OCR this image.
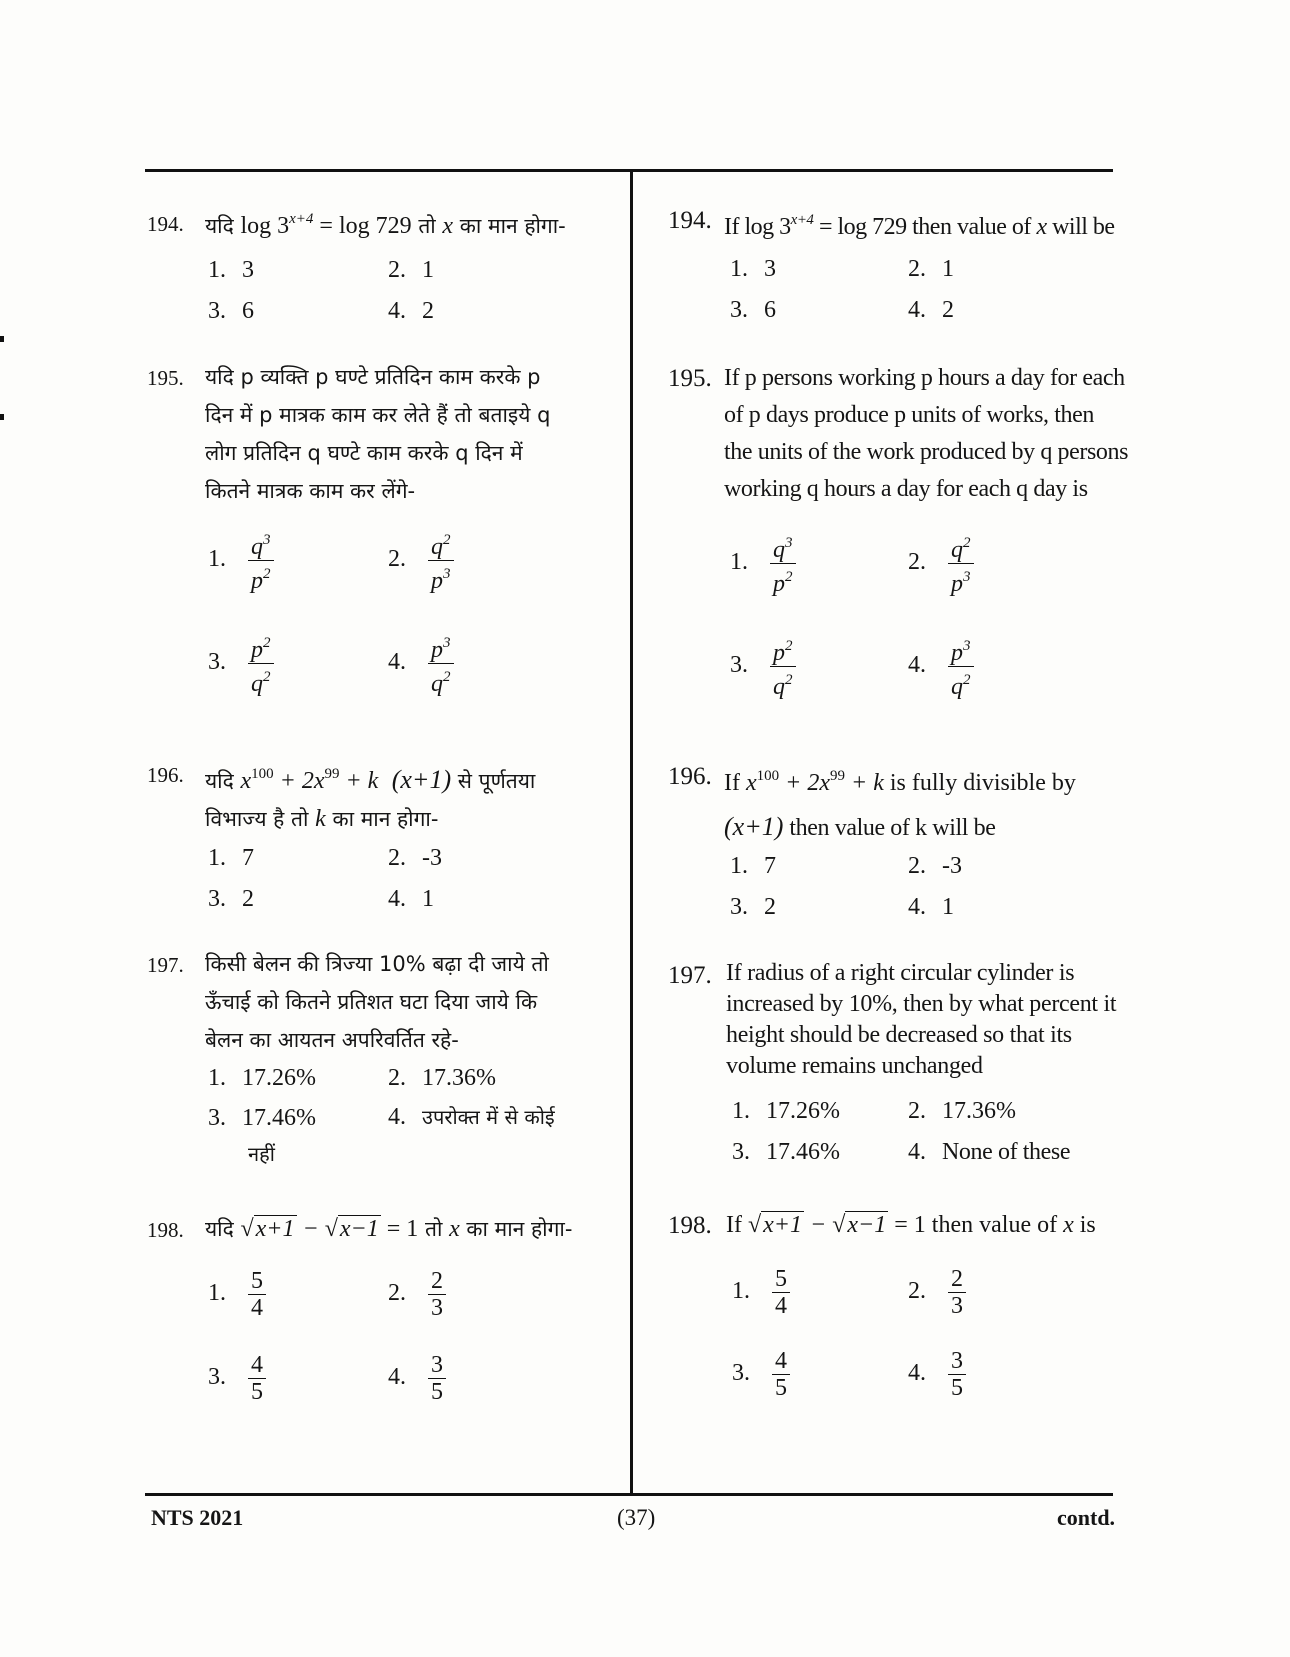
194. यदि $\log 3^{x+4} = \log 729$ तो x का मान होगा-
1. 3	2. 1
3. 6	4. 2
195. यदि p व्यक्ति p घण्टे प्रतिदिन काम करके p
दिन में p मात्रक काम कर लेते हैं तो बताइये q
लोग प्रतिदिन q घण्टे काम करके q दिन में
कितने मात्रक काम कर लेंगे-
1. $\frac{q^3}{p^2}$	2. $\frac{q^2}{p^3}$
3. $\frac{p^2}{q^2}$	4. $\frac{p^3}{q^2}$
196. यदि $x^{100} + 2x^{99} + k$ (x+1) से पूर्णतया
विभाज्य है तो k का मान होगा-
1. 7	2. -3
3. 2	4. 1
197. किसी बेलन की त्रिज्या 10% बढ़ा दी जाये तो
ऊँचाई को कितने प्रतिशत घटा दिया जाये कि
बेलन का आयतन अपरिवर्तित रहे-
1. 17.26%	2. 17.36%
3. 17.46%	4. उपरोक्त में से कोई
नहीं
198. यदि √x+1 − √x−1 = 1 तो x का मान होगा-
1. $\frac{5}{4}$	2. $\frac{2}{3}$
3. $\frac{4}{5}$	4. $\frac{3}{5}$
194. If $\log 3^{x+4} = \log 729$ then value of x will be
1. 3	2. 1
3. 6	4. 2
195. If p persons working p hours a day for each
of p days produce p units of works, then
the units of the work produced by q persons
working q hours a day for each q day is
1. $\frac{q^3}{p^2}$	2. $\frac{q^2}{p^3}$
3. $\frac{p^2}{q^2}$	4. $\frac{p^3}{q^2}$
196. If $x^{100} + 2x^{99} + k$ is fully divisible by
(x+1) then value of k will be
1. 7	2. -3
3. 2	4. 1
197. If radius of a right circular cylinder is
increased by 10%, then by what percent it
height should be decreased so that its
volume remains unchanged
1. 17.26%	2. 17.36%
3. 17.46%	4. None of these
198. If √x+1 − √x−1 = 1 then value of x is
1. $\frac{5}{4}$	2. $\frac{2}{3}$
3. $\frac{4}{5}$	4. $\frac{3}{5}$
NTS 2021	(37)	contd.
